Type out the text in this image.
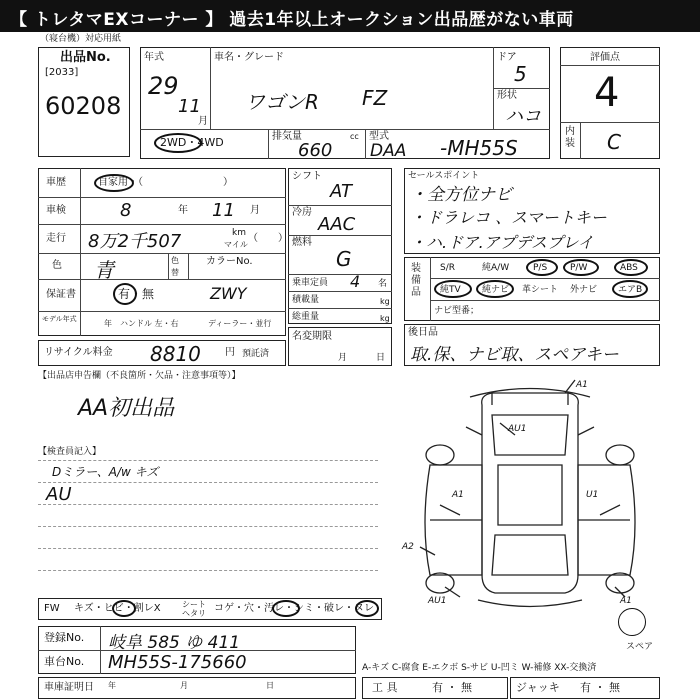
【 トレタマEXコーナー 】 過去1年以上オークション出品歴がない車両
（寝台機）対応用紙
出品No.
[2033]
60208
年式
29
11
月
車名・グレード
ワゴンR FZ
ドア
5
形状
ハコ
2WD・4WD	排気量	cc
660
型式
DAA -MH55S
評価点
4
内装 C
車歴	自家用・（　　　　　　　　）
車検	8	年 11 月
走行 8万2千507	km
マイル
（　　）
色 青	色替
カラーNo.
保証書	有・無	ZWY
モデル年式	年 ハンドル 左・右	ディーラー・並行
シフト
AT
冷房
AAC
燃料
G
乗車定員 4 名
積載量	kg
総重量	kg
セールスポイント
・全方位ナビ
・ドラレコ 、スマートキー
・ハ.ドア.アプデスプレイ
装備品
S/R	純A/W	P/S	P/W	ABS
純TV 純ナビ 革シート 外ナビ エアB
ナビ型番；
リサイクル料金 8810 円 預託済
名変期限
月	日
後日品
取.保、ナビ取、スペアキー
【出品店申告欄（不良箇所・欠品・注意事項等）】
AA初出品
【検査員記入】
Dミラー、A/w キズ
AU
FW キズ・ヒビ・割レX	シートヘタリ コゲ・穴・汚レ・シミ・破レ・ヌレ
登録No. 岐阜 585 ゆ 411
車台No. MH55S-175660
車庫証明日 年	月	日
A-キズ C-腐食 E-エクボ S-サビ U-凹ミ W-補修 XX-交換済
工 具	有 ・ 無	ジャッキ 有 ・ 無
スペア
A1
AU1
A1	U1
A2
AU1	A1
